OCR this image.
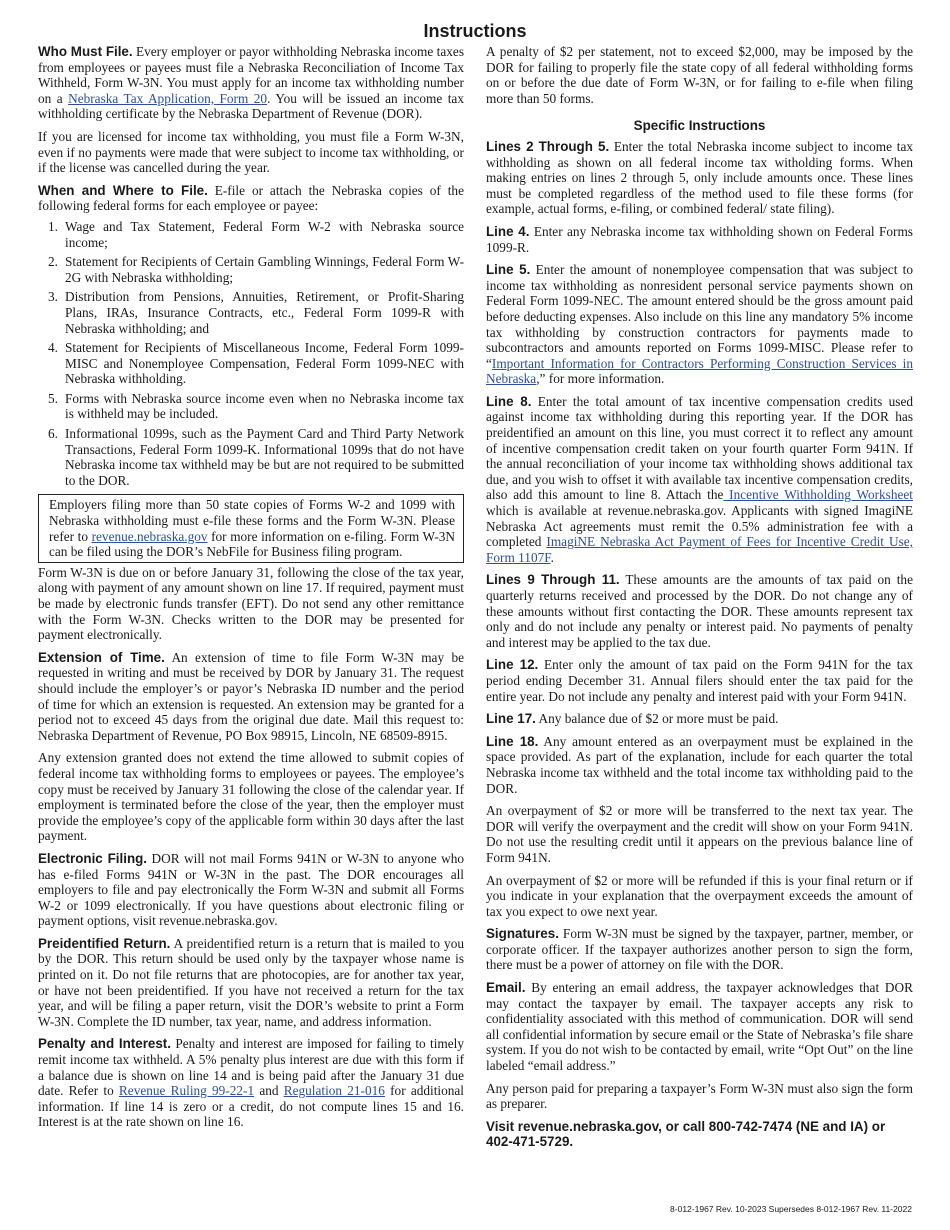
Instructions

Who Must File. Every employer or payor withholding Nebraska income taxes from employees or payees must file a Nebraska Reconciliation of Income Tax Withheld, Form W-3N. You must apply for an income tax withholding number on a Nebraska Tax Application, Form 20. You will be issued an income tax withholding certificate by the Nebraska Department of Revenue (DOR).

If you are licensed for income tax withholding, you must file a Form W-3N, even if no payments were made that were subject to income tax withholding, or if the license was cancelled during the year.

When and Where to File. E-file or attach the Nebraska copies of the following federal forms for each employee or payee:

1. Wage and Tax Statement, Federal Form W-2 with Nebraska source income;
2. Statement for Recipients of Certain Gambling Winnings, Federal Form W-2G with Nebraska withholding;
3. Distribution from Pensions, Annuities, Retirement, or Profit-Sharing Plans, IRAs, Insurance Contracts, etc., Federal Form 1099-R with Nebraska withholding; and
4. Statement for Recipients of Miscellaneous Income, Federal Form 1099-MISC and Nonemployee Compensation, Federal Form 1099-NEC with Nebraska withholding.
5. Forms with Nebraska source income even when no Nebraska income tax is withheld may be included.
6. Informational 1099s, such as the Payment Card and Third Party Network Transactions, Federal Form 1099-K. Informational 1099s that do not have Nebraska income tax withheld may be but are not required to be submitted to the DOR.
Employers filing more than 50 state copies of Forms W-2 and 1099 with Nebraska withholding must e-file these forms and the Form W-3N. Please refer to revenue.nebraska.gov for more information on e-filing. Form W-3N can be filed using the DOR’s NebFile for Business filing program.

Form W-3N is due on or before January 31, following the close of the tax year, along with payment of any amount shown on line 17. If required, payment must be made by electronic funds transfer (EFT). Do not send any other remittance with the Form W-3N. Checks written to the DOR may be presented for payment electronically.

Extension of Time. An extension of time to file Form W-3N may be requested in writing and must be received by DOR by January 31. The request should include the employer’s or payor’s Nebraska ID number and the period of time for which an extension is requested. An extension may be granted for a period not to exceed 45 days from the original due date. Mail this request to: Nebraska Department of Revenue, PO Box 98915, Lincoln, NE 68509-8915.

Any extension granted does not extend the time allowed to submit copies of federal income tax withholding forms to employees or payees. The employee’s copy must be received by January 31 following the close of the calendar year. If employment is terminated before the close of the year, then the employer must provide the employee’s copy of the applicable form within 30 days after the last payment.

Electronic Filing. DOR will not mail Forms 941N or W-3N to anyone who has e-filed Forms 941N or W-3N in the past. The DOR encourages all employers to file and pay electronically the Form W-3N and submit all Forms W-2 or 1099 electronically. If you have questions about electronic filing or payment options, visit revenue.nebraska.gov.

Preidentified Return. A preidentified return is a return that is mailed to you by the DOR. This return should be used only by the taxpayer whose name is printed on it. Do not file returns that are photocopies, are for another tax year, or have not been preidentified. If you have not received a return for the tax year, and will be filing a paper return, visit the DOR’s website to print a Form W-3N. Complete the ID number, tax year, name, and address information.

Penalty and Interest. Penalty and interest are imposed for failing to timely remit income tax withheld. A 5% penalty plus interest are due with this form if a balance due is shown on line 14 and is being paid after the January 31 due date. Refer to Revenue Ruling 99-22-1 and Regulation 21-016 for additional information. If line 14 is zero or a credit, do not compute lines 15 and 16. Interest is at the rate shown on line 16.

A penalty of $2 per statement, not to exceed $2,000, may be imposed by the DOR for failing to properly file the state copy of all federal withholding forms on or before the due date of Form W-3N, or for failing to e-file when filing more than 50 forms.

Specific Instructions

Lines 2 Through 5. Enter the total Nebraska income subject to income tax withholding as shown on all federal income tax witholding forms. When making entries on lines 2 through 5, only include amounts once. These lines must be completed regardless of the method used to file these forms (for example, actual forms, e-filing, or combined federal/ state filing).

Line 4. Enter any Nebraska income tax withholding shown on Federal Forms 1099-R.

Line 5. Enter the amount of nonemployee compensation that was subject to income tax withholding as nonresident personal service payments shown on Federal Form 1099-NEC. The amount entered should be the gross amount paid before deducting expenses. Also include on this line any mandatory 5% income tax withholding by construction contractors for payments made to subcontractors and amounts reported on Forms 1099-MISC. Please refer to “Important Information for Contractors Performing Construction Services in Nebraska,” for more information.

Line 8. Enter the total amount of tax incentive compensation credits used against income tax withholding during this reporting year. If the DOR has preidentified an amount on this line, you must correct it to reflect any amount of incentive compensation credit taken on your fourth quarter Form 941N. If the annual reconciliation of your income tax withholding shows additional tax due, and you wish to offset it with available tax incentive compensation credits, also add this amount to line 8. Attach the Incentive Withholding Worksheet which is available at revenue.nebraska.gov. Applicants with signed ImagiNE Nebraska Act agreements must remit the 0.5% administration fee with a completed ImagiNE Nebraska Act Payment of Fees for Incentive Credit Use, Form 1107F.

Lines 9 Through 11. These amounts are the amounts of tax paid on the quarterly returns received and processed by the DOR. Do not change any of these amounts without first contacting the DOR. These amounts represent tax only and do not include any penalty or interest paid. No payments of penalty and interest may be applied to the tax due.

Line 12. Enter only the amount of tax paid on the Form 941N for the tax period ending December 31. Annual filers should enter the tax paid for the entire year. Do not include any penalty and interest paid with your Form 941N.

Line 17. Any balance due of $2 or more must be paid.

Line 18. Any amount entered as an overpayment must be explained in the space provided. As part of the explanation, include for each quarter the total Nebraska income tax withheld and the total income tax withholding paid to the DOR.

An overpayment of $2 or more will be transferred to the next tax year. The DOR will verify the overpayment and the credit will show on your Form 941N. Do not use the resulting credit until it appears on the previous balance line of Form 941N.

An overpayment of $2 or more will be refunded if this is your final return or if you indicate in your explanation that the overpayment exceeds the amount of tax you expect to owe next year.

Signatures. Form W-3N must be signed by the taxpayer, partner, member, or corporate officer. If the taxpayer authorizes another person to sign the form, there must be a power of attorney on file with the DOR.

Email. By entering an email address, the taxpayer acknowledges that DOR may contact the taxpayer by email. The taxpayer accepts any risk to confidentiality associated with this method of communication. DOR will send all confidential information by secure email or the State of Nebraska’s file share system. If you do not wish to be contacted by email, write “Opt Out” on the line labeled “email address.”

Any person paid for preparing a taxpayer’s Form W-3N must also sign the form as preparer.

Visit revenue.nebraska.gov, or call 800-742-7474 (NE and IA) or 402-471-5729.
8-012-1967 Rev. 10-2023 Supersedes 8-012-1967 Rev. 11-2022
